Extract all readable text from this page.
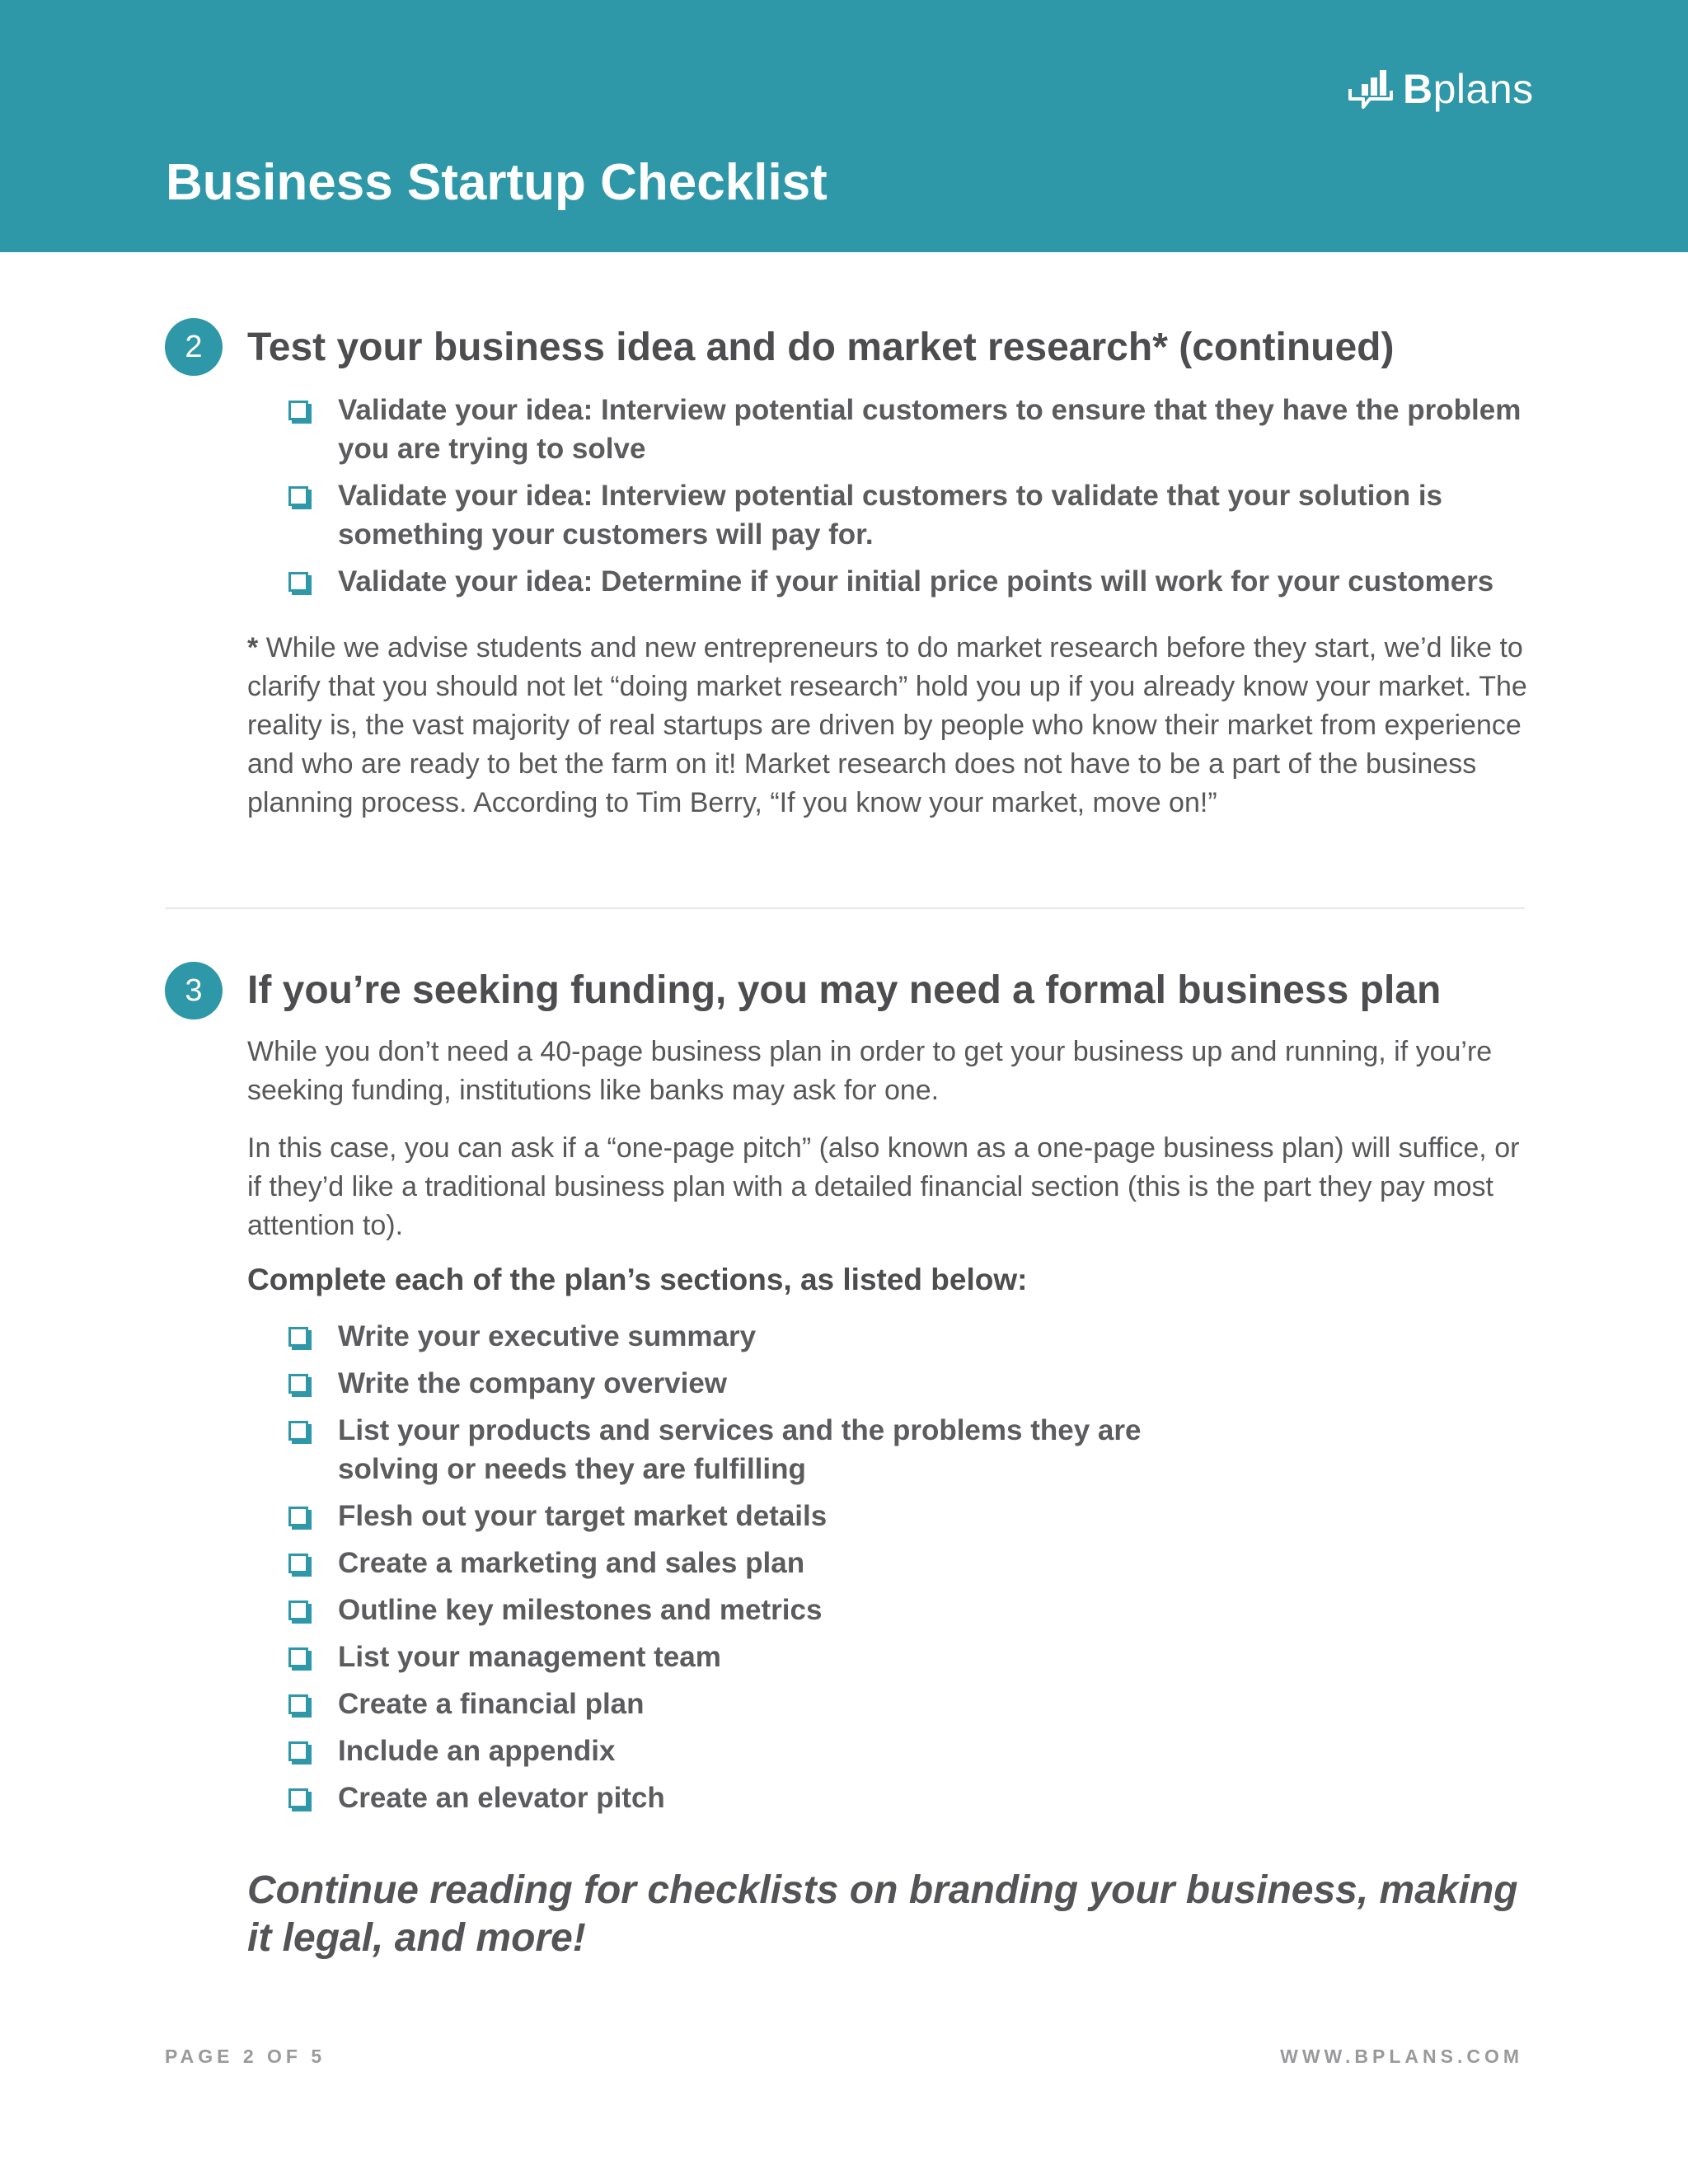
Bplans
Business Startup Checklist
2	Test your business idea and do market research* (continued)
Validate your idea: Interview potential customers to ensure that they have the problem you are trying to solve
Validate your idea: Interview potential customers to validate that your solution is something your customers will pay for.
Validate your idea: Determine if your initial price points will work for your customers

* While we advise students and new entrepreneurs to do market research before they start, we’d like to clarify that you should not let “doing market research” hold you up if you already know your market. The reality is, the vast majority of real startups are driven by people who know their market from experience and who are ready to bet the farm on it! Market research does not have to be a part of the business planning process. According to Tim Berry, “If you know your market, move on!”

3	If you’re seeking funding, you may need a formal business plan

While you don’t need a 40-page business plan in order to get your business up and running, if you’re seeking funding, institutions like banks may ask for one.

In this case, you can ask if a “one-page pitch” (also known as a one-page business plan) will suffice, or if they’d like a traditional business plan with a detailed financial section (this is the part they pay most attention to).

Complete each of the plan’s sections, as listed below:

Write your executive summary
Write the company overview
List your products and services and the problems they are solving or needs they are fulfilling
Flesh out your target market details
Create a marketing and sales plan
Outline key milestones and metrics
List your management team
Create a financial plan
Include an appendix
Create an elevator pitch

Continue reading for checklists on branding your business, making it legal, and more!

PAGE 2 OF 5	WWW.BPLANS.COM
